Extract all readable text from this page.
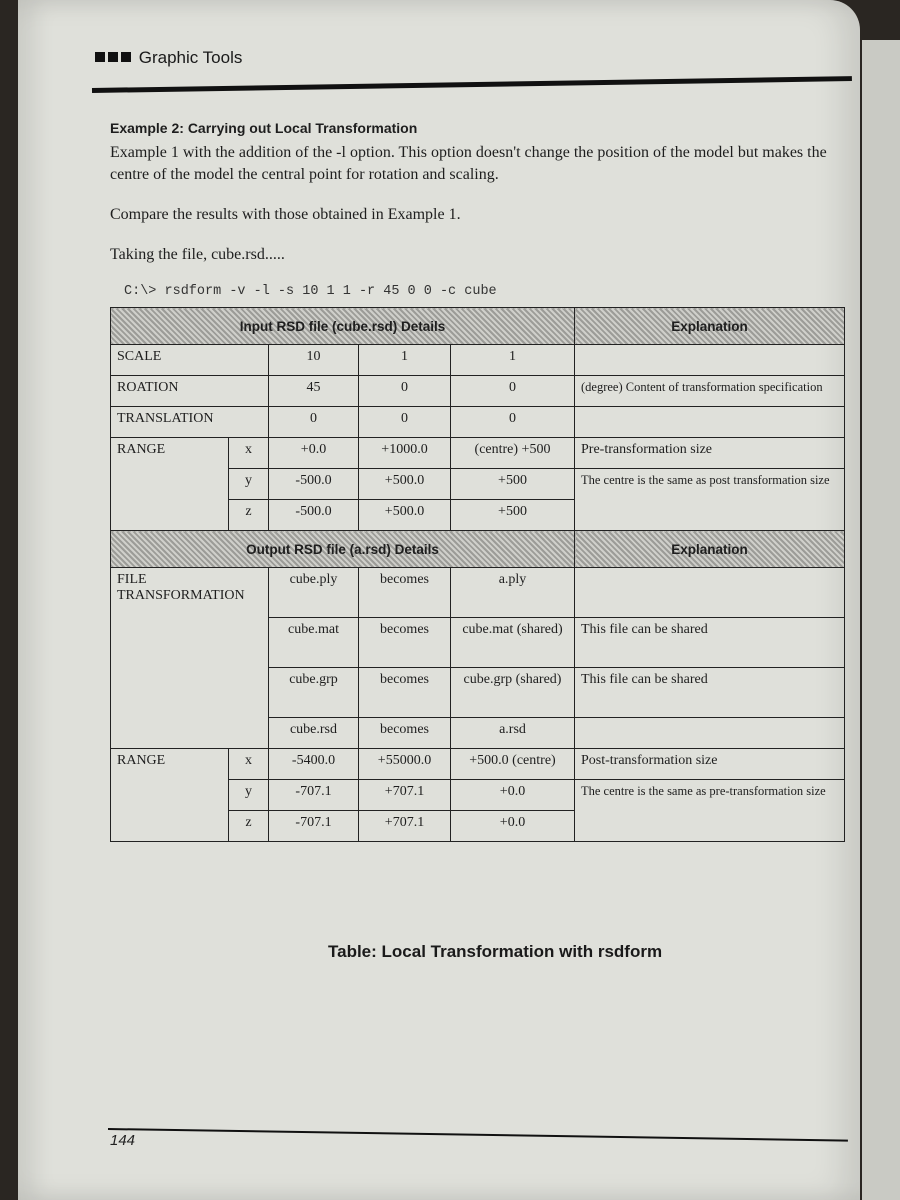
Graphic Tools
Example 2: Carrying out Local Transformation

Example 1 with the addition of the -l option. This option doesn't change the position of the model but makes the centre of the model the central point for rotation and scaling.

Compare the results with those obtained in Example 1.

Taking the file, cube.rsd.....

C:\> rsdform -v -l -s 10 1 1 -r 45 0 0 -c cube
Input RSD file (cube.rsd) Details					Explanation
SCALE		10	1	1	
ROATION		45	0	0	(degree) Content of transformation specification
TRANSLATION		0	0	0	
RANGE	x	+0.0	+1000.0	(centre) +500	Pre-transformation size
	y	-500.0	+500.0	+500	The centre is the same as post transformation size
	z	-500.0	+500.0	+500	
Output RSD file (a.rsd) Details					Explanation
FILE TRANSFORMATION		cube.ply	becomes	a.ply	
		cube.mat	becomes	cube.mat (shared)	This file can be shared
		cube.grp	becomes	cube.grp (shared)	This file can be shared
		cube.rsd	becomes	a.rsd	
RANGE	x	-5400.0	+55000.0	+500.0 (centre)	Post-transformation size
	y	-707.1	+707.1	+0.0	The centre is the same as pre-transformation size
	z	-707.1	+707.1	+0.0	
Table: Local Transformation with rsdform
144
